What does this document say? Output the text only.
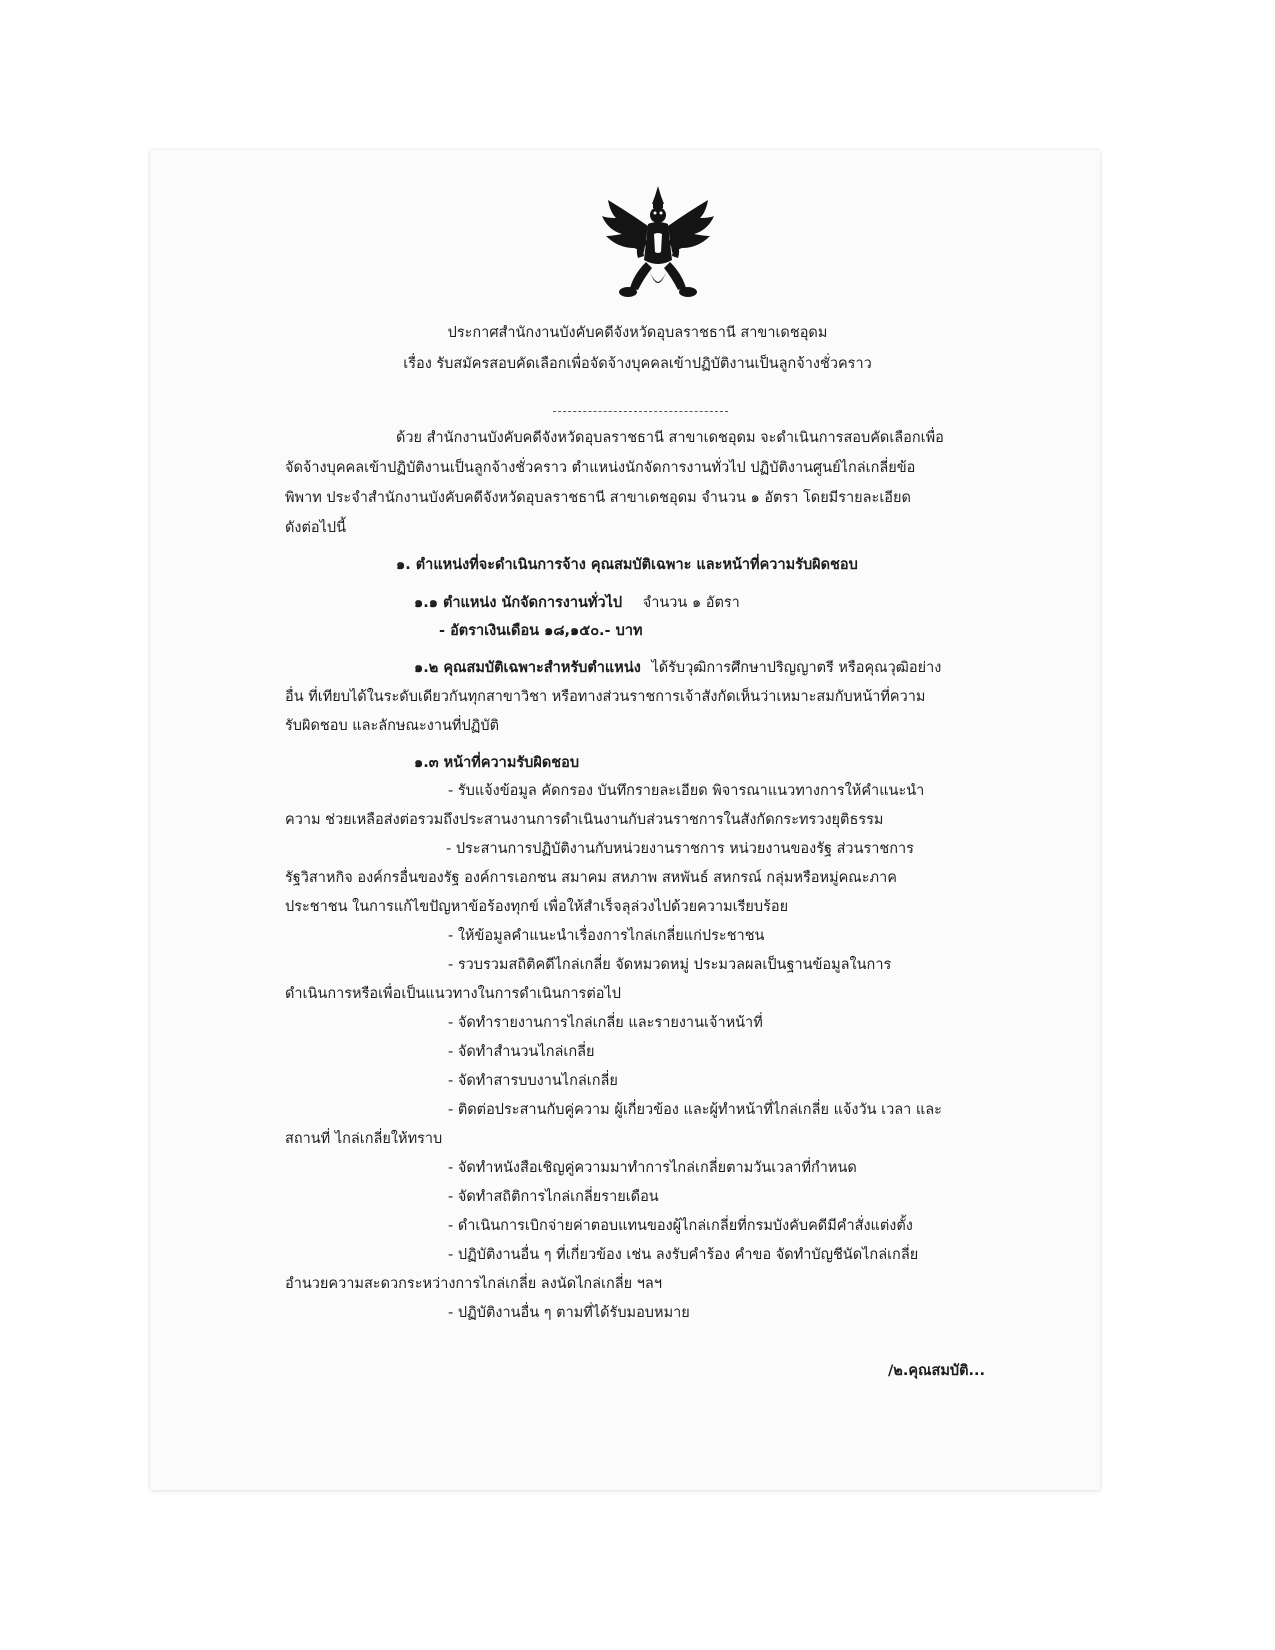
ประกาศสำนักงานบังคับคดีจังหวัดอุบลราชธานี สาขาเดชอุดม

เรื่อง รับสมัครสอบคัดเลือกเพื่อจัดจ้างบุคคลเข้าปฏิบัติงานเป็นลูกจ้างชั่วคราว

ด้วย สำนักงานบังคับคดีจังหวัดอุบลราชธานี สาขาเดชอุดม จะดำเนินการสอบคัดเลือกเพื่อ

จัดจ้างบุคคลเข้าปฏิบัติงานเป็นลูกจ้างชั่วคราว ตำแหน่งนักจัดการงานทั่วไป ปฏิบัติงานศูนย์ไกล่เกลี่ยข้อ

พิพาท ประจำสำนักงานบังคับคดีจังหวัดอุบลราชธานี สาขาเดชอุดม จำนวน ๑ อัตรา โดยมีรายละเอียด

ดังต่อไปนี้

๑. ตำแหน่งที่จะดำเนินการจ้าง คุณสมบัติเฉพาะ และหน้าที่ความรับผิดชอบ

๑.๑ ตำแหน่ง นักจัดการงานทั่วไป จำนวน ๑ อัตรา

- อัตราเงินเดือน ๑๘,๑๕๐.- บาท

๑.๒ คุณสมบัติเฉพาะสำหรับตำแหน่ง ได้รับวุฒิการศึกษาปริญญาตรี หรือคุณวุฒิอย่าง

อื่น ที่เทียบได้ในระดับเดียวกันทุกสาขาวิชา หรือทางส่วนราชการเจ้าสังกัดเห็นว่าเหมาะสมกับหน้าที่ความ

รับผิดชอบ และลักษณะงานที่ปฏิบัติ

๑.๓ หน้าที่ความรับผิดชอบ

- รับแจ้งข้อมูล คัดกรอง บันทึกรายละเอียด พิจารณาแนวทางการให้คำแนะนำ

ความ ช่วยเหลือส่งต่อรวมถึงประสานงานการดำเนินงานกับส่วนราชการในสังกัดกระทรวงยุติธรรม

- ประสานการปฏิบัติงานกับหน่วยงานราชการ หน่วยงานของรัฐ ส่วนราชการ

รัฐวิสาหกิจ องค์กรอื่นของรัฐ องค์การเอกชน สมาคม สหภาพ สหพันธ์ สหกรณ์ กลุ่มหรือหมู่คณะภาค

ประชาชน ในการแก้ไขปัญหาข้อร้องทุกข์ เพื่อให้สำเร็จลุล่วงไปด้วยความเรียบร้อย

- ให้ข้อมูลคำแนะนำเรื่องการไกล่เกลี่ยแก่ประชาชน

- รวบรวมสถิติคดีไกล่เกลี่ย จัดหมวดหมู่ ประมวลผลเป็นฐานข้อมูลในการ

ดำเนินการหรือเพื่อเป็นแนวทางในการดำเนินการต่อไป

- จัดทำรายงานการไกล่เกลี่ย และรายงานเจ้าหน้าที่

- จัดทำสำนวนไกล่เกลี่ย

- จัดทำสารบบงานไกล่เกลี่ย

- ติดต่อประสานกับคู่ความ ผู้เกี่ยวข้อง และผู้ทำหน้าที่ไกล่เกลี่ย แจ้งวัน เวลา และ

สถานที่ ไกล่เกลี่ยให้ทราบ

- จัดทำหนังสือเชิญคู่ความมาทำการไกล่เกลี่ยตามวันเวลาที่กำหนด

- จัดทำสถิติการไกล่เกลี่ยรายเดือน

- ดำเนินการเบิกจ่ายค่าตอบแทนของผู้ไกล่เกลี่ยที่กรมบังคับคดีมีคำสั่งแต่งตั้ง

- ปฏิบัติงานอื่น ๆ ที่เกี่ยวข้อง เช่น ลงรับคำร้อง คำขอ จัดทำบัญชีนัดไกล่เกลี่ย

อำนวยความสะดวกระหว่างการไกล่เกลี่ย ลงนัดไกล่เกลี่ย ฯลฯ

- ปฏิบัติงานอื่น ๆ ตามที่ได้รับมอบหมาย

/๒.คุณสมบัติ...
